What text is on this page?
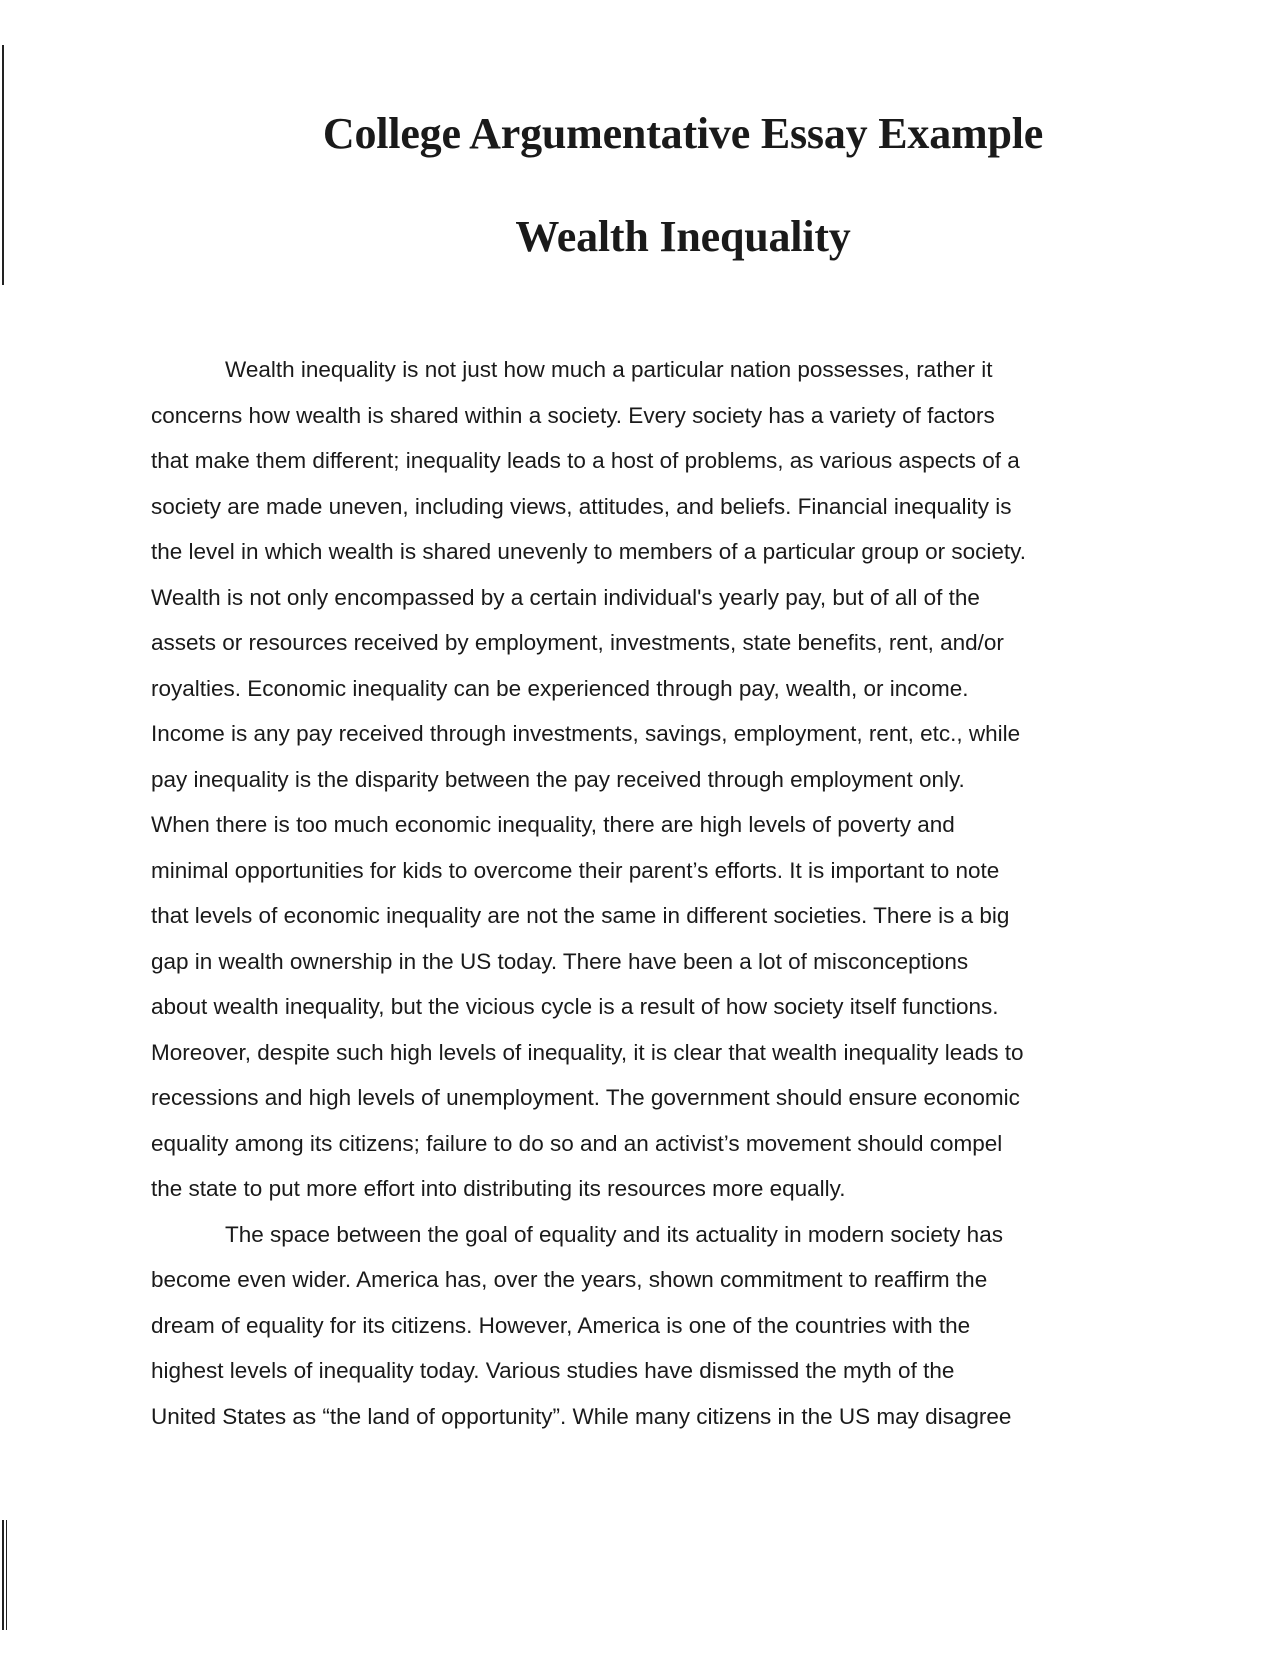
College Argumentative Essay Example
Wealth Inequality

Wealth inequality is not just how much a particular nation possesses, rather it
concerns how wealth is shared within a society. Every society has a variety of factors
that make them different; inequality leads to a host of problems, as various aspects of a
society are made uneven, including views, attitudes, and beliefs. Financial inequality is
the level in which wealth is shared unevenly to members of a particular group or society.
Wealth is not only encompassed by a certain individual's yearly pay, but of all of the
assets or resources received by employment, investments, state benefits, rent, and/or
royalties. Economic inequality can be experienced through pay, wealth, or income.
Income is any pay received through investments, savings, employment, rent, etc., while
pay inequality is the disparity between the pay received through employment only.
When there is too much economic inequality, there are high levels of poverty and
minimal opportunities for kids to overcome their parent’s efforts. It is important to note
that levels of economic inequality are not the same in different societies. There is a big
gap in wealth ownership in the US today. There have been a lot of misconceptions
about wealth inequality, but the vicious cycle is a result of how society itself functions.
Moreover, despite such high levels of inequality, it is clear that wealth inequality leads to
recessions and high levels of unemployment. The government should ensure economic
equality among its citizens; failure to do so and an activist’s movement should compel
the state to put more effort into distributing its resources more equally.

The space between the goal of equality and its actuality in modern society has
become even wider. America has, over the years, shown commitment to reaffirm the
dream of equality for its citizens. However, America is one of the countries with the
highest levels of inequality today. Various studies have dismissed the myth of the
United States as “the land of opportunity”. While many citizens in the US may disagree
